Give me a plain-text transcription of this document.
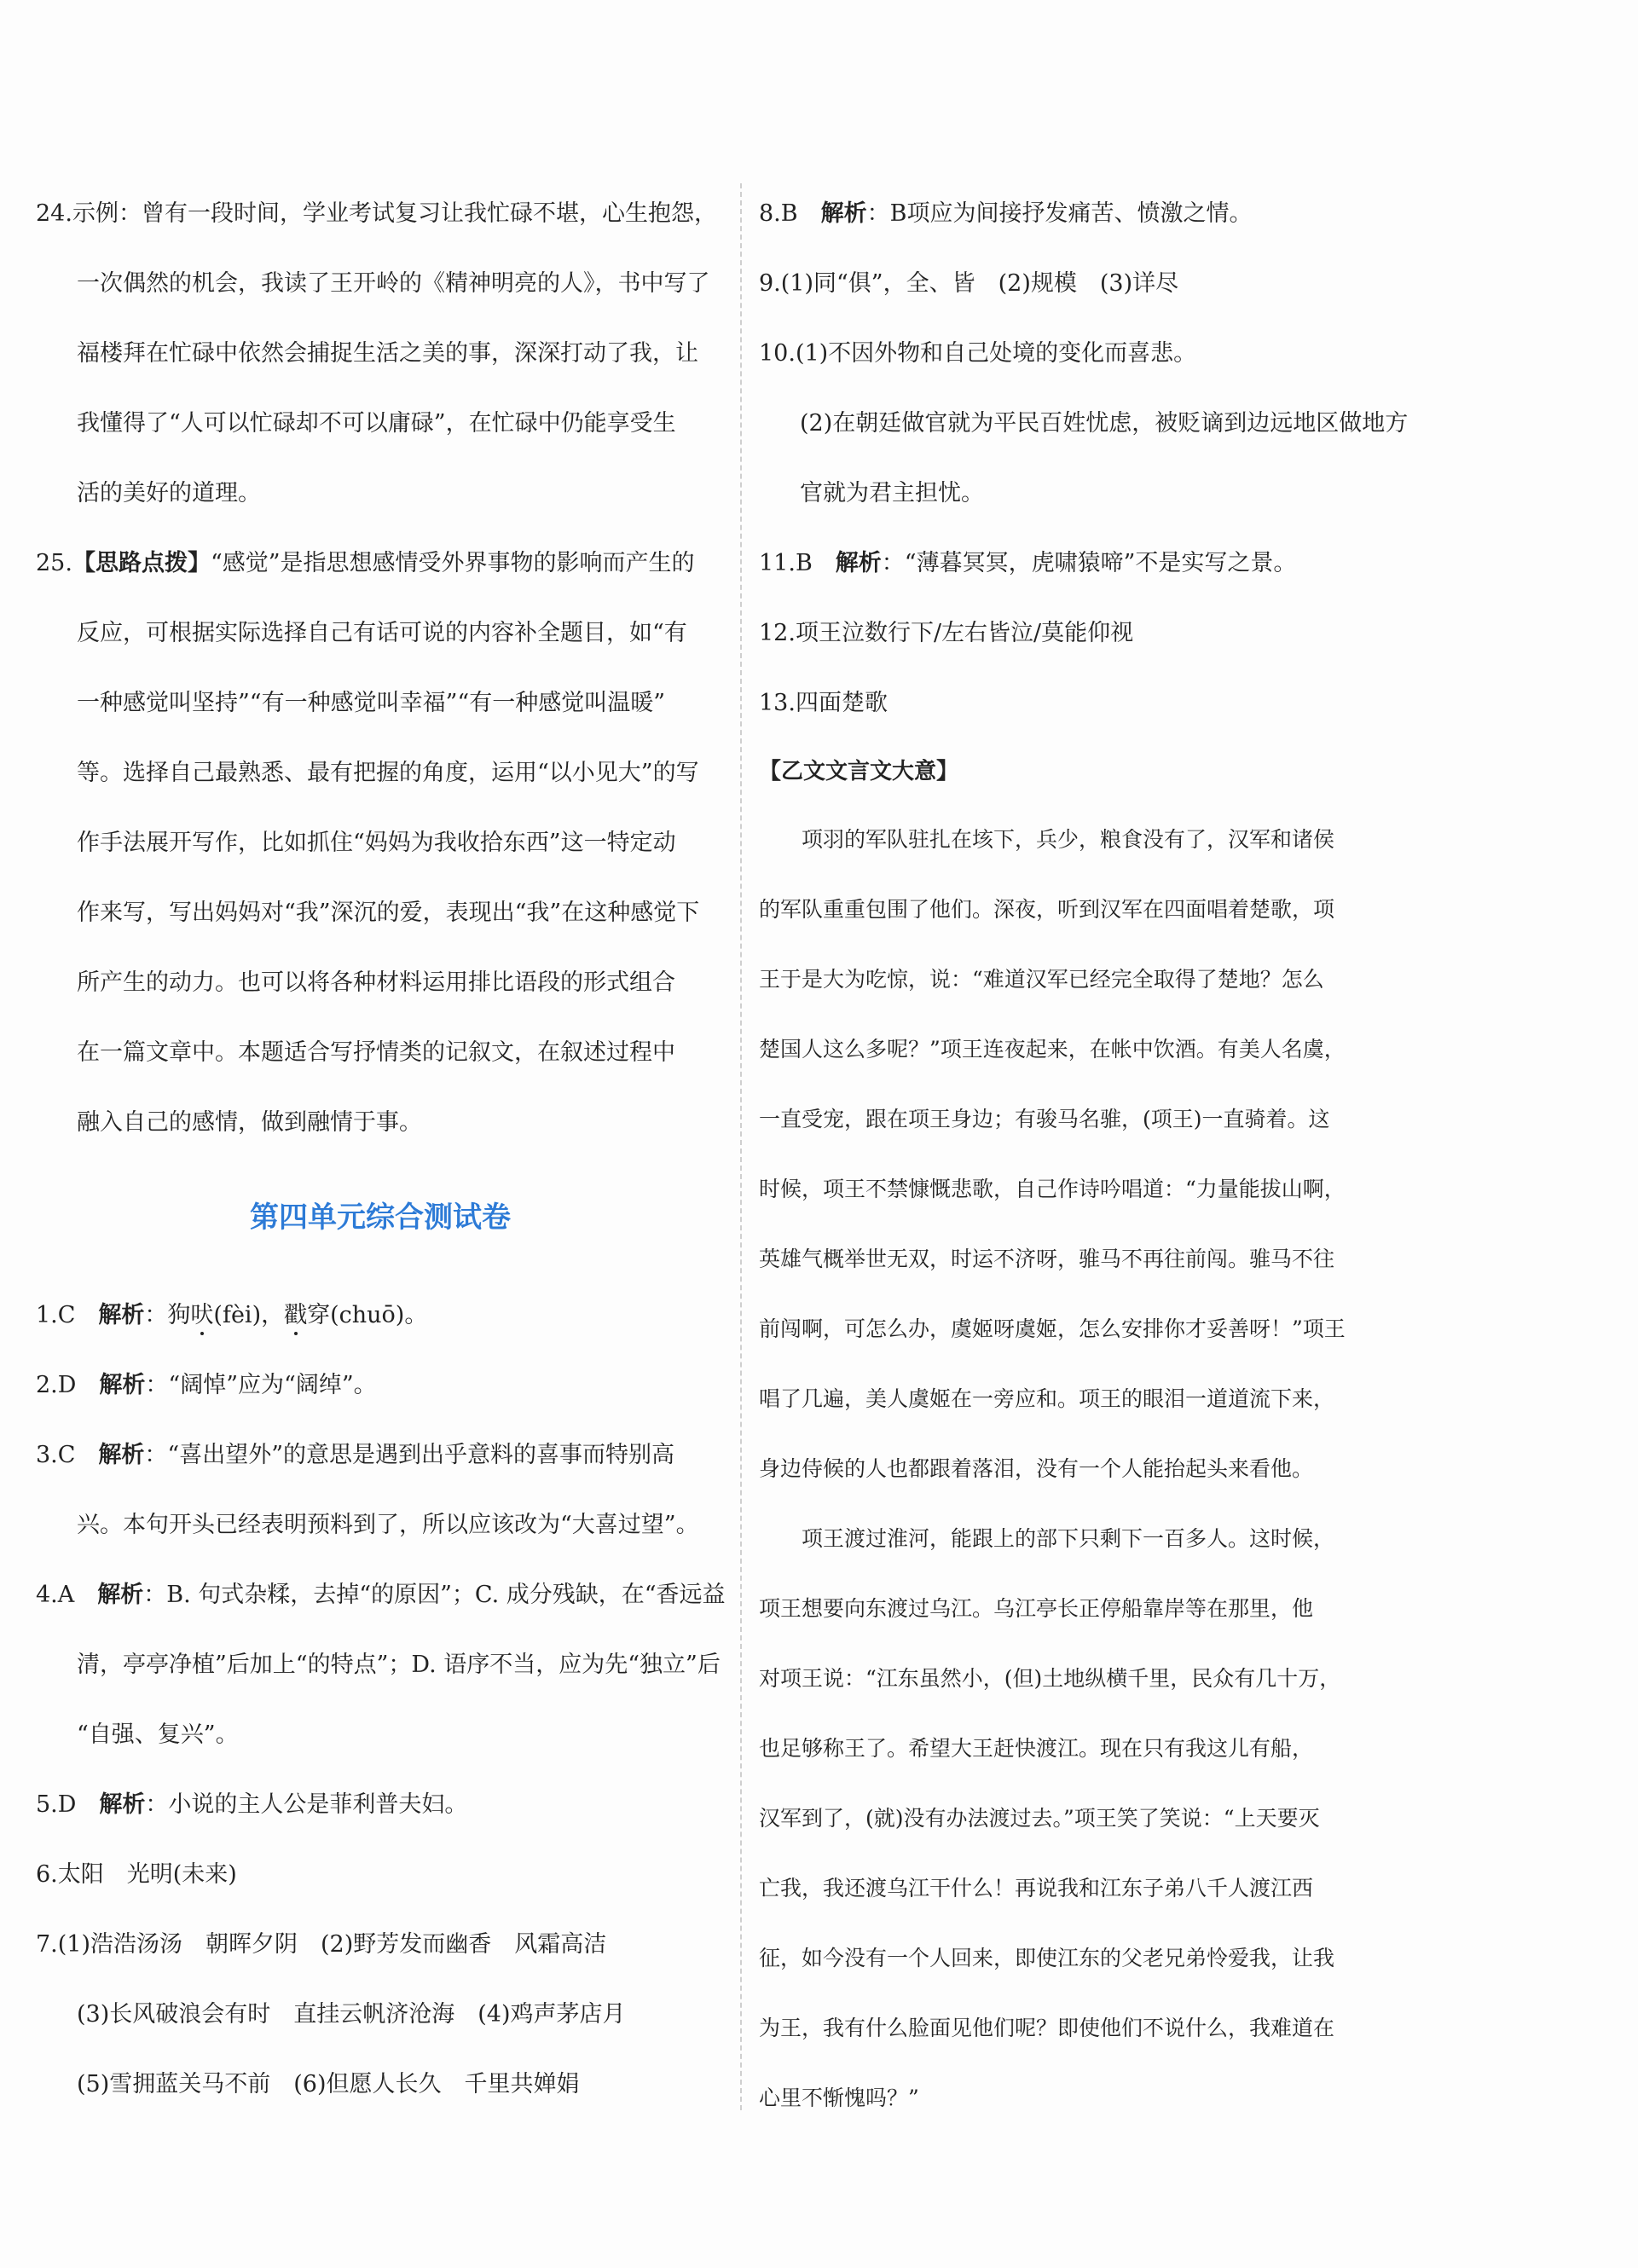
24.示例：曾有一段时间，学业考试复习让我忙碌不堪，心生抱怨，

一次偶然的机会，我读了王开岭的《精神明亮的人》，书中写了

福楼拜在忙碌中依然会捕捉生活之美的事，深深打动了我，让

我懂得了“人可以忙碌却不可以庸碌”，在忙碌中仍能享受生

活的美好的道理。

25.【思路点拨】“感觉”是指思想感情受外界事物的影响而产生的

反应，可根据实际选择自己有话可说的内容补全题目，如“有

一种感觉叫坚持”“有一种感觉叫幸福”“有一种感觉叫温暖”

等。选择自己最熟悉、最有把握的角度，运用“以小见大”的写

作手法展开写作，比如抓住“妈妈为我收拾东西”这一特定动

作来写，写出妈妈对“我”深沉的爱，表现出“我”在这种感觉下

所产生的动力。也可以将各种材料运用排比语段的形式组合

在一篇文章中。本题适合写抒情类的记叙文，在叙述过程中

融入自己的感情，做到融情于事。

第四单元综合测试卷

1.C　 解析：狗吠(fèi)，戳穿(chuō)。

2.D　 解析：“阔悼”应为“阔绰”。

3.C　 解析：“喜出望外”的意思是遇到出乎意料的喜事而特别高

兴。本句开头已经表明预料到了，所以应该改为“大喜过望”。

4.A　 解析：B. 句式杂糅，去掉“的原因”；C. 成分残缺，在“香远益

清，亭亭净植”后加上“的特点”；D. 语序不当，应为先“独立”后

“自强、复兴”。

5.D　 解析：小说的主人公是菲利普夫妇。

6.太阳　光明(未来)

7.(1)浩浩汤汤　朝晖夕阴　(2)野芳发而幽香　风霜高洁

(3)长风破浪会有时　直挂云帆济沧海　(4)鸡声茅店月

(5)雪拥蓝关马不前　(6)但愿人长久　千里共婵娟

8.B　 解析：B项应为间接抒发痛苦、愤激之情。

9.(1)同“俱”，全、皆　(2)规模　(3)详尽

10.(1)不因外物和自己处境的变化而喜悲。

(2)在朝廷做官就为平民百姓忧虑，被贬谪到边远地区做地方

官就为君主担忧。

11.B　 解析：“薄暮冥冥，虎啸猿啼”不是实写之景。

12.项王泣数行下/左右皆泣/莫能仰视

13.四面楚歌

【乙文文言文大意】

项羽的军队驻扎在垓下，兵少，粮食没有了，汉军和诸侯

的军队重重包围了他们。深夜，听到汉军在四面唱着楚歌，项

王于是大为吃惊，说：“难道汉军已经完全取得了楚地？怎么

楚国人这么多呢？”项王连夜起来，在帐中饮酒。有美人名虞，

一直受宠，跟在项王身边；有骏马名骓，(项王)一直骑着。这

时候，项王不禁慷慨悲歌，自己作诗吟唱道：“力量能拔山啊，

英雄气概举世无双，时运不济呀，骓马不再往前闯。骓马不往

前闯啊，可怎么办，虞姬呀虞姬，怎么安排你才妥善呀！”项王

唱了几遍，美人虞姬在一旁应和。项王的眼泪一道道流下来，

身边侍候的人也都跟着落泪，没有一个人能抬起头来看他。

项王渡过淮河，能跟上的部下只剩下一百多人。这时候，

项王想要向东渡过乌江。乌江亭长正停船靠岸等在那里，他

对项王说：“江东虽然小，(但)土地纵横千里，民众有几十万，

也足够称王了。希望大王赶快渡江。现在只有我这儿有船，

汉军到了，(就)没有办法渡过去。”项王笑了笑说：“上天要灭

亡我，我还渡乌江干什么！再说我和江东子弟八千人渡江西

征，如今没有一个人回来，即使江东的父老兄弟怜爱我，让我

为王，我有什么脸面见他们呢？即使他们不说什么，我难道在

心里不惭愧吗？”
